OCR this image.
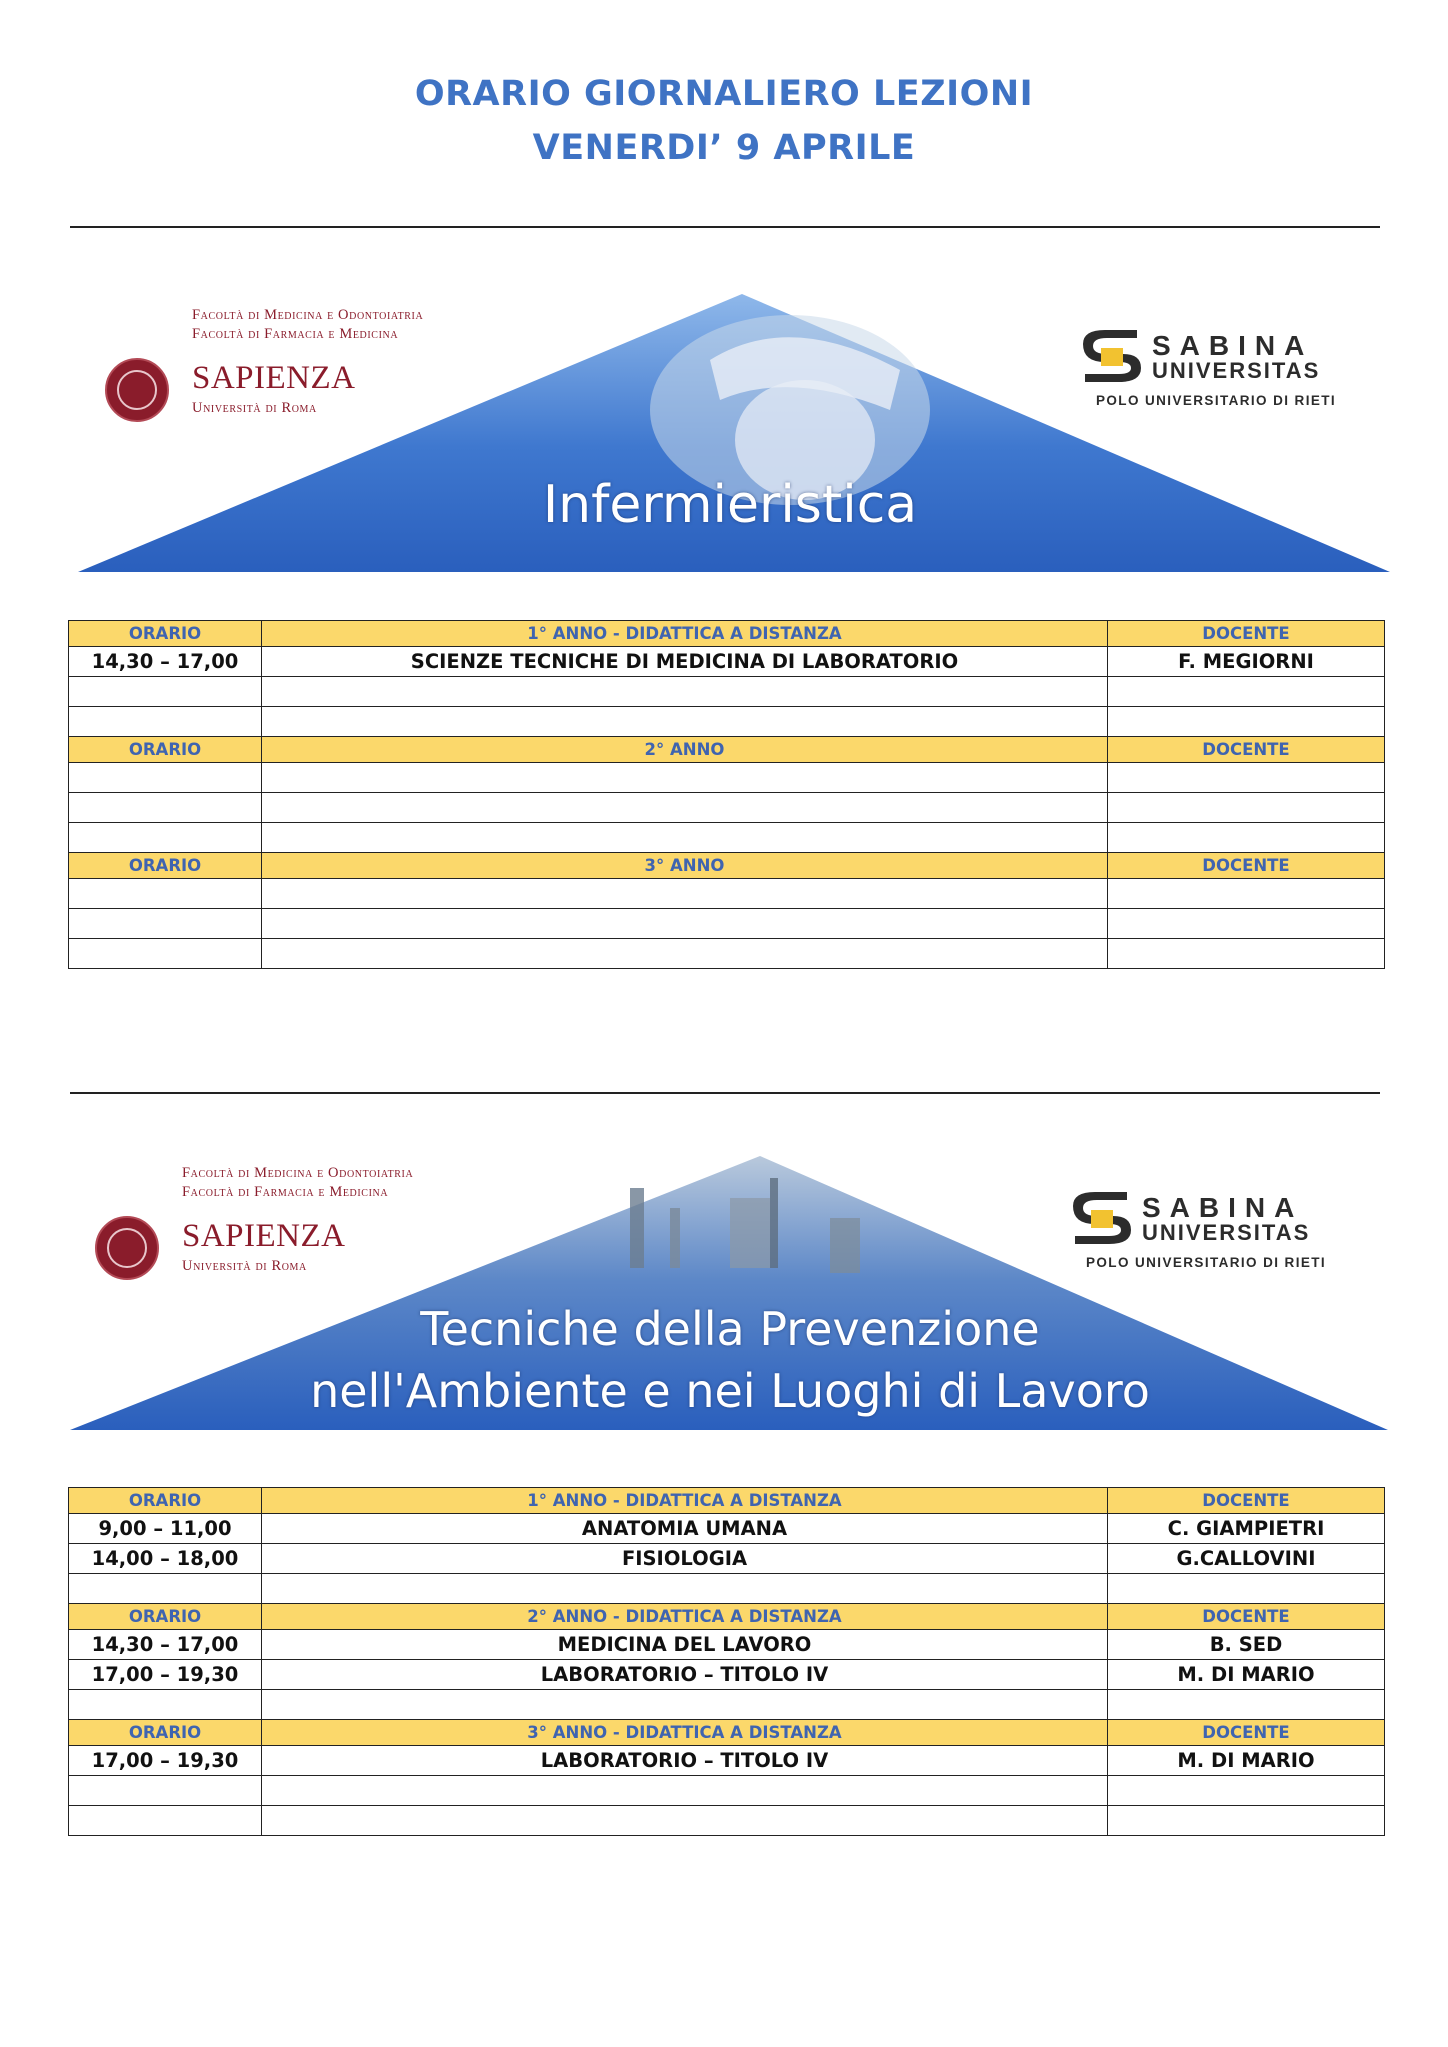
ORARIO GIORNALIERO LEZIONI
VENERDI’ 9 APRILE
Infermieristica
Facoltà di Medicina e Odontoiatria
Facoltà di Farmacia e Medicina
SAPIENZA
Università di Roma
SABINA
UNIVERSITAS
POLO UNIVERSITARIO DI RIETI
ORARIO	1° ANNO - DIDATTICA A DISTANZA	DOCENTE
14,30 – 17,00	SCIENZE TECNICHE DI MEDICINA DI LABORATORIO	F. MEGIORNI

ORARIO	2° ANNO	DOCENTE

ORARIO	3° ANNO	DOCENTE

Tecniche della Prevenzione
nell'Ambiente e nei Luoghi di Lavoro
Facoltà di Medicina e Odontoiatria
Facoltà di Farmacia e Medicina
SAPIENZA
Università di Roma
SABINA
UNIVERSITAS
POLO UNIVERSITARIO DI RIETI
ORARIO	1° ANNO - DIDATTICA A DISTANZA	DOCENTE
9,00 – 11,00	ANATOMIA UMANA	C. GIAMPIETRI
14,00 – 18,00	FISIOLOGIA	G.CALLOVINI

ORARIO	2° ANNO - DIDATTICA A DISTANZA	DOCENTE
14,30 – 17,00	MEDICINA DEL LAVORO	B. SED
17,00 – 19,30	LABORATORIO – TITOLO IV	M. DI MARIO

ORARIO	3° ANNO - DIDATTICA A DISTANZA	DOCENTE
17,00 – 19,30	LABORATORIO – TITOLO IV	M. DI MARIO
